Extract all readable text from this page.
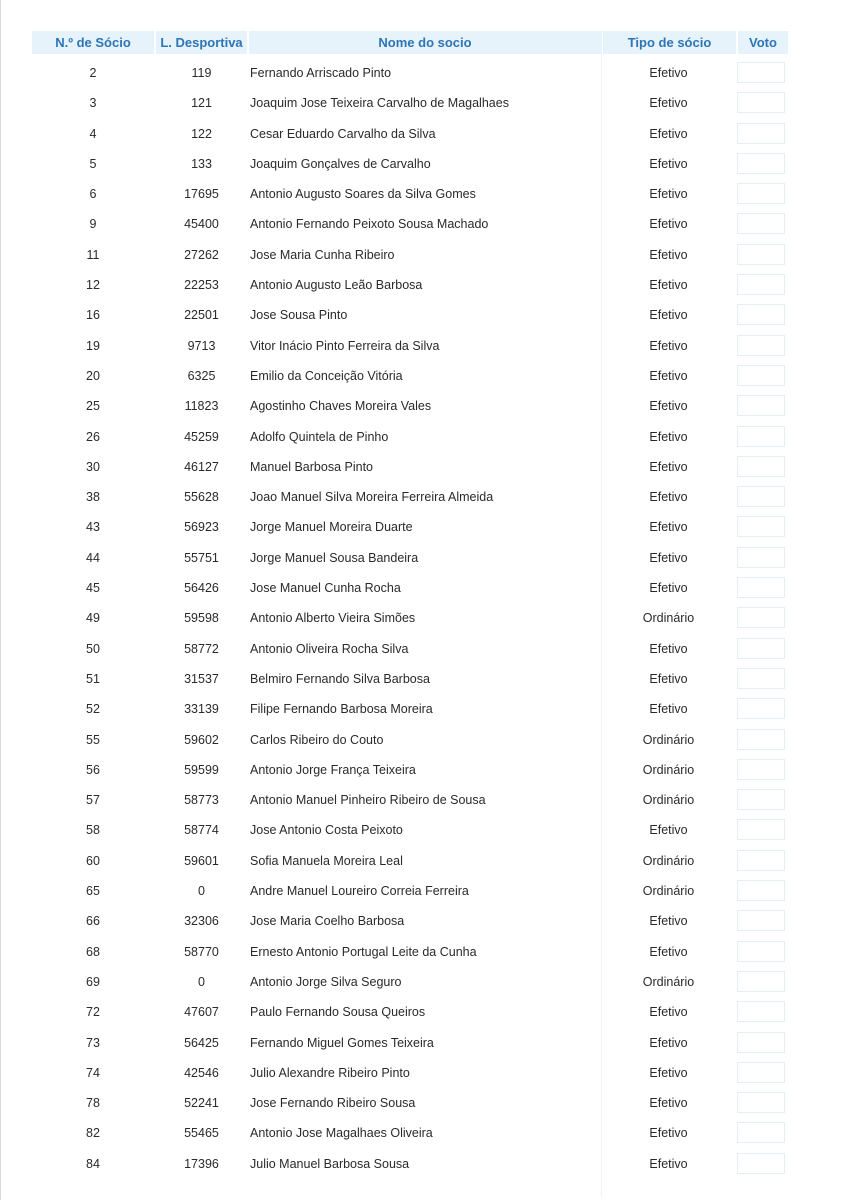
N.º de Sócio	L. Desportiva	Nome do socio	Tipo de sócio	Voto
2	119	Fernando Arriscado Pinto	Efetivo
3	121	Joaquim Jose Teixeira Carvalho de Magalhaes	Efetivo
4	122	Cesar Eduardo Carvalho da Silva	Efetivo
5	133	Joaquim Gonçalves de Carvalho	Efetivo
6	17695	Antonio Augusto Soares da Silva Gomes	Efetivo
9	45400	Antonio Fernando Peixoto Sousa Machado	Efetivo
11	27262	Jose Maria Cunha Ribeiro	Efetivo
12	22253	Antonio Augusto Leão Barbosa	Efetivo
16	22501	Jose Sousa Pinto	Efetivo
19	9713	Vitor Inácio Pinto Ferreira da Silva	Efetivo
20	6325	Emilio da Conceição Vitória	Efetivo
25	11823	Agostinho Chaves Moreira Vales	Efetivo
26	45259	Adolfo Quintela de Pinho	Efetivo
30	46127	Manuel Barbosa Pinto	Efetivo
38	55628	Joao Manuel Silva Moreira Ferreira Almeida	Efetivo
43	56923	Jorge Manuel Moreira Duarte	Efetivo
44	55751	Jorge Manuel Sousa Bandeira	Efetivo
45	56426	Jose Manuel Cunha Rocha	Efetivo
49	59598	Antonio Alberto Vieira Simões	Ordinário
50	58772	Antonio Oliveira Rocha Silva	Efetivo
51	31537	Belmiro Fernando Silva Barbosa	Efetivo
52	33139	Filipe Fernando Barbosa Moreira	Efetivo
55	59602	Carlos Ribeiro do Couto	Ordinário
56	59599	Antonio Jorge França Teixeira	Ordinário
57	58773	Antonio Manuel Pinheiro Ribeiro de Sousa	Ordinário
58	58774	Jose Antonio Costa Peixoto	Efetivo
60	59601	Sofia Manuela Moreira Leal	Ordinário
65	0	Andre Manuel Loureiro Correia Ferreira	Ordinário
66	32306	Jose Maria Coelho Barbosa	Efetivo
68	58770	Ernesto Antonio Portugal Leite da Cunha	Efetivo
69	0	Antonio Jorge Silva Seguro	Ordinário
72	47607	Paulo Fernando Sousa Queiros	Efetivo
73	56425	Fernando Miguel Gomes Teixeira	Efetivo
74	42546	Julio Alexandre Ribeiro Pinto	Efetivo
78	52241	Jose Fernando Ribeiro Sousa	Efetivo
82	55465	Antonio Jose Magalhaes Oliveira	Efetivo
84	17396	Julio Manuel Barbosa Sousa	Efetivo
